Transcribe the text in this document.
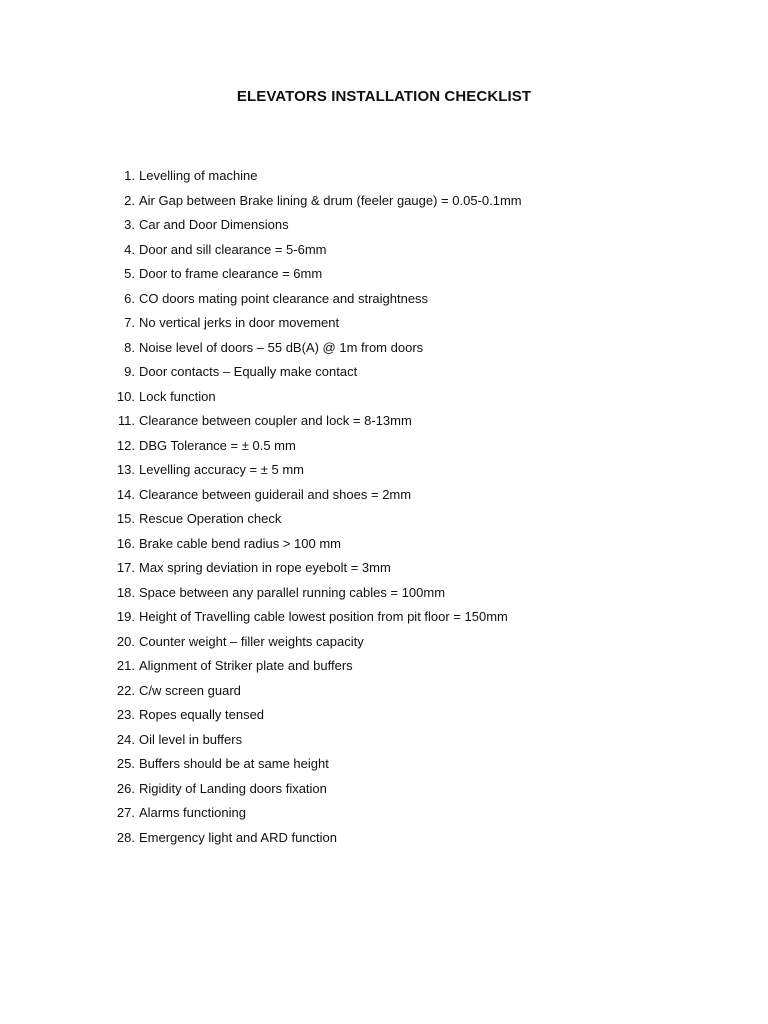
ELEVATORS INSTALLATION CHECKLIST
1. Levelling of machine
2. Air Gap between Brake lining & drum (feeler gauge) = 0.05-0.1mm
3. Car and Door Dimensions
4. Door and sill clearance = 5-6mm
5. Door to frame clearance = 6mm
6. CO doors mating point clearance and straightness
7. No vertical jerks in door movement
8. Noise level of doors – 55 dB(A) @ 1m from doors
9. Door contacts – Equally make contact
10. Lock function
11. Clearance between coupler and lock = 8-13mm
12. DBG Tolerance = ± 0.5 mm
13. Levelling accuracy = ± 5 mm
14. Clearance between guiderail and shoes = 2mm
15. Rescue Operation check
16. Brake cable bend radius > 100 mm
17. Max spring deviation in rope eyebolt = 3mm
18. Space between any parallel running cables = 100mm
19. Height of Travelling cable lowest position from pit floor = 150mm
20. Counter weight – filler weights capacity
21. Alignment of Striker plate and buffers
22. C/w screen guard
23. Ropes equally tensed
24. Oil level in buffers
25. Buffers should be at same height
26. Rigidity of Landing doors fixation
27. Alarms functioning
28. Emergency light and ARD function
